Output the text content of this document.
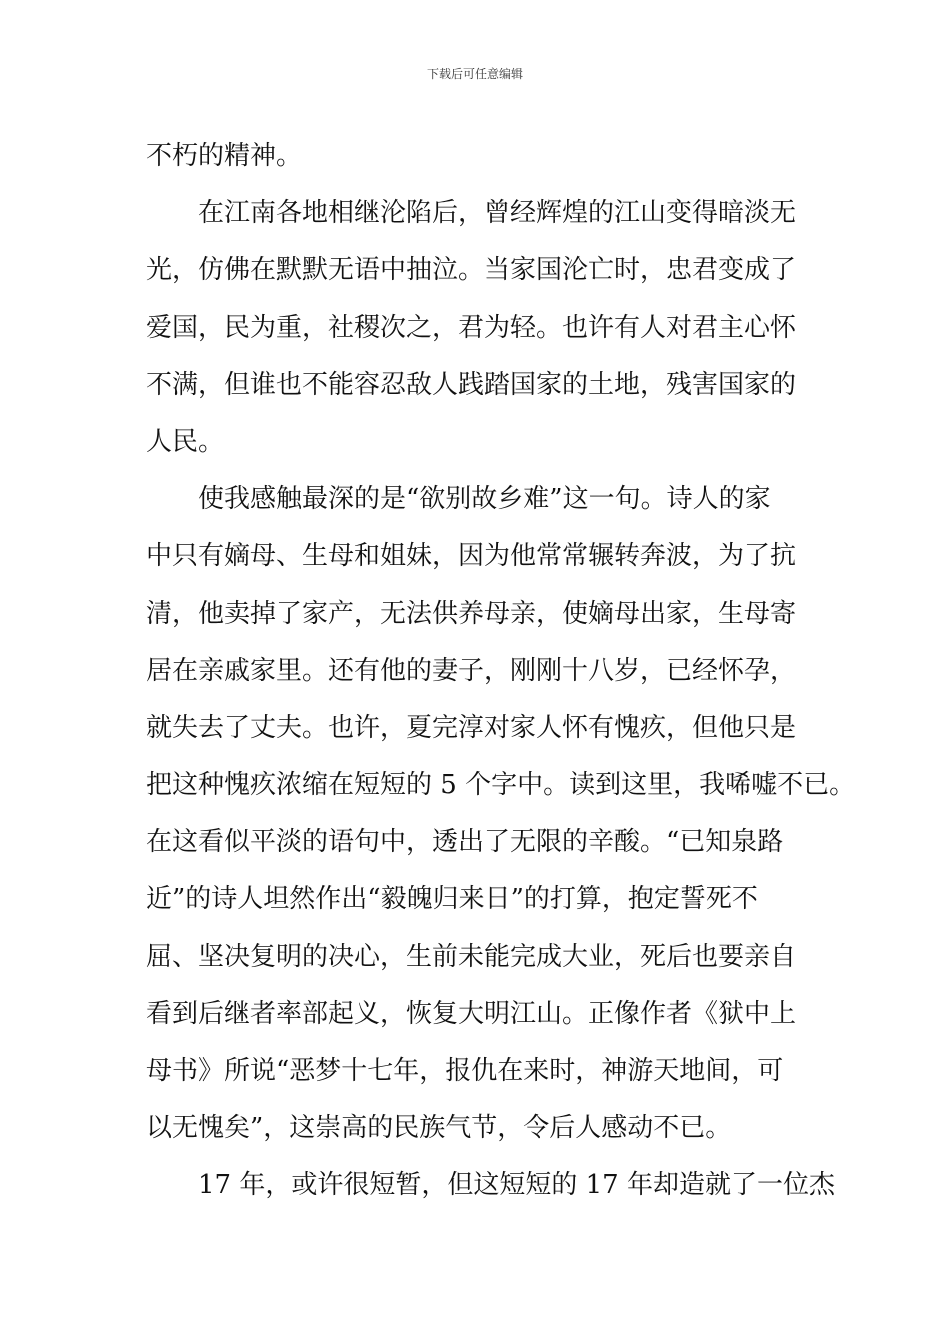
下载后可任意编辑
不朽的精神。
在江南各地相继沦陷后，曾经辉煌的江山变得暗淡无
光，仿佛在默默无语中抽泣。当家国沦亡时，忠君变成了
爱国，民为重，社稷次之，君为轻。也许有人对君主心怀
不满，但谁也不能容忍敌人践踏国家的土地，残害国家的
人民。
使我感触最深的是“欲别故乡难”这一句。诗人的家
中只有嫡母、生母和姐妹，因为他常常辗转奔波，为了抗
清，他卖掉了家产，无法供养母亲，使嫡母出家，生母寄
居在亲戚家里。还有他的妻子，刚刚十八岁，已经怀孕，
就失去了丈夫。也许，夏完淳对家人怀有愧疚，但他只是
把这种愧疚浓缩在短短的 5 个字中。读到这里，我唏嘘不已。
在这看似平淡的语句中，透出了无限的辛酸。“已知泉路
近”的诗人坦然作出“毅魄归来日”的打算，抱定誓死不
屈、坚决复明的决心，生前未能完成大业，死后也要亲自
看到后继者率部起义，恢复大明江山。正像作者《狱中上
母书》所说“恶梦十七年，报仇在来时，神游天地间，可
以无愧矣”，这崇高的民族气节，令后人感动不已。
17 年，或许很短暂，但这短短的 17 年却造就了一位杰
